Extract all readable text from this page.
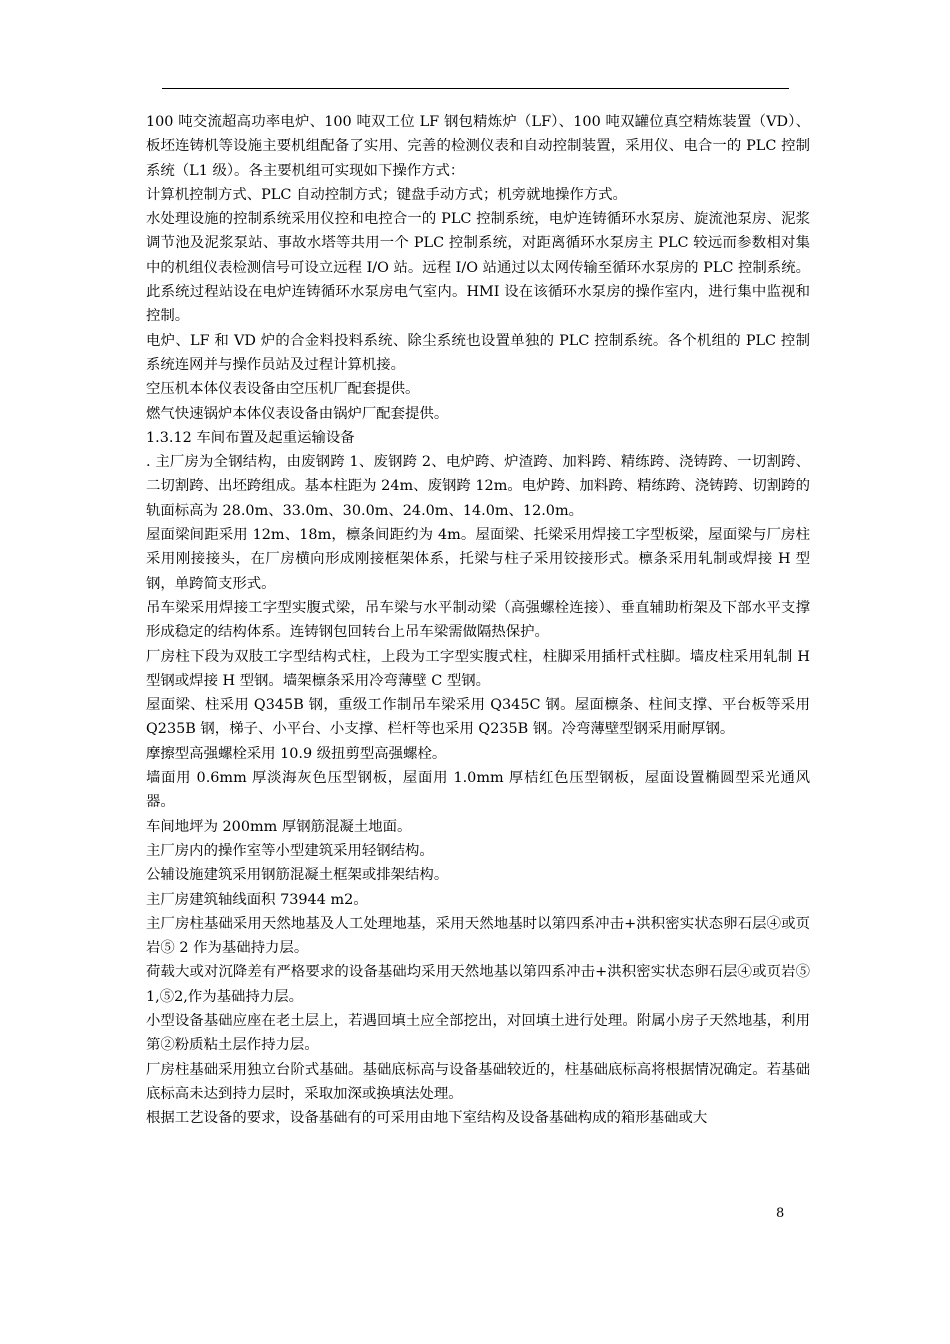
100 吨交流超高功率电炉、100 吨双工位 LF 钢包精炼炉（LF）、100 吨双罐位真空精炼装置（VD）、板坯连铸机等设施主要机组配备了实用、完善的检测仪表和自动控制装置，采用仪、电合一的 PLC 控制系统（L1 级）。各主要机组可实现如下操作方式：

计算机控制方式、PLC 自动控制方式；键盘手动方式；机旁就地操作方式。

水处理设施的控制系统采用仪控和电控合一的 PLC 控制系统，电炉连铸循环水泵房、旋流池泵房、泥浆调节池及泥浆泵站、事故水塔等共用一个 PLC 控制系统，对距离循环水泵房主 PLC 较远而参数相对集中的机组仪表检测信号可设立远程 I/O 站。远程 I/O 站通过以太网传输至循环水泵房的 PLC 控制系统。此系统过程站设在电炉连铸循环水泵房电气室内。HMI 设在该循环水泵房的操作室内，进行集中监视和控制。

电炉、LF 和 VD 炉的合金料投料系统、除尘系统也设置单独的 PLC 控制系统。各个机组的 PLC 控制系统连网并与操作员站及过程计算机接。

空压机本体仪表设备由空压机厂配套提供。

燃气快速锅炉本体仪表设备由锅炉厂配套提供。

1.3.12 车间布置及起重运输设备

. 主厂房为全钢结构，由废钢跨 1、废钢跨 2、电炉跨、炉渣跨、加料跨、精练跨、浇铸跨、一切割跨、二切割跨、出坯跨组成。基本柱距为 24m、废钢跨 12m。电炉跨、加料跨、精练跨、浇铸跨、切割跨的轨面标高为 28.0m、33.0m、30.0m、24.0m、14.0m、12.0m。

屋面梁间距采用 12m、18m，檩条间距约为 4m。屋面梁、托梁采用焊接工字型板梁，屋面梁与厂房柱采用刚接接头，在厂房横向形成刚接框架体系，托梁与柱子采用铰接形式。檩条采用轧制或焊接 H 型钢，单跨简支形式。

吊车梁采用焊接工字型实腹式梁，吊车梁与水平制动梁（高强螺栓连接）、垂直辅助桁架及下部水平支撑形成稳定的结构体系。连铸钢包回转台上吊车梁需做隔热保护。

厂房柱下段为双肢工字型结构式柱，上段为工字型实腹式柱，柱脚采用插杆式柱脚。墙皮柱采用轧制 H 型钢或焊接 H 型钢。墙架檩条采用冷弯薄壁 C 型钢。

屋面梁、柱采用 Q345B 钢，重级工作制吊车梁采用 Q345C 钢。屋面檩条、柱间支撑、平台板等采用 Q235B 钢，梯子、小平台、小支撑、栏杆等也采用 Q235B 钢。冷弯薄壁型钢采用耐厚钢。

摩擦型高强螺栓采用 10.9 级扭剪型高强螺栓。

墙面用 0.6mm 厚淡海灰色压型钢板，屋面用 1.0mm 厚桔红色压型钢板，屋面设置椭圆型采光通风器。

车间地坪为 200mm 厚钢筋混凝土地面。

主厂房内的操作室等小型建筑采用轻钢结构。

公辅设施建筑采用钢筋混凝土框架或排架结构。

主厂房建筑轴线面积 73944 m2。

主厂房柱基础采用天然地基及人工处理地基，采用天然地基时以第四系冲击+洪积密实状态卵石层④或页岩⑤ 2 作为基础持力层。

荷载大或对沉降差有严格要求的设备基础均采用天然地基以第四系冲击+洪积密实状态卵石层④或页岩⑤ 1,⑤2,作为基础持力层。

小型设备基础应座在老土层上，若遇回填土应全部挖出，对回填土进行处理。附属小房子天然地基，利用第②粉质粘土层作持力层。

厂房柱基础采用独立台阶式基础。基础底标高与设备基础较近的，柱基础底标高将根据情况确定。若基础底标高未达到持力层时，采取加深或换填法处理。

根据工艺设备的要求，设备基础有的可采用由地下室结构及设备基础构成的箱形基础或大

8
